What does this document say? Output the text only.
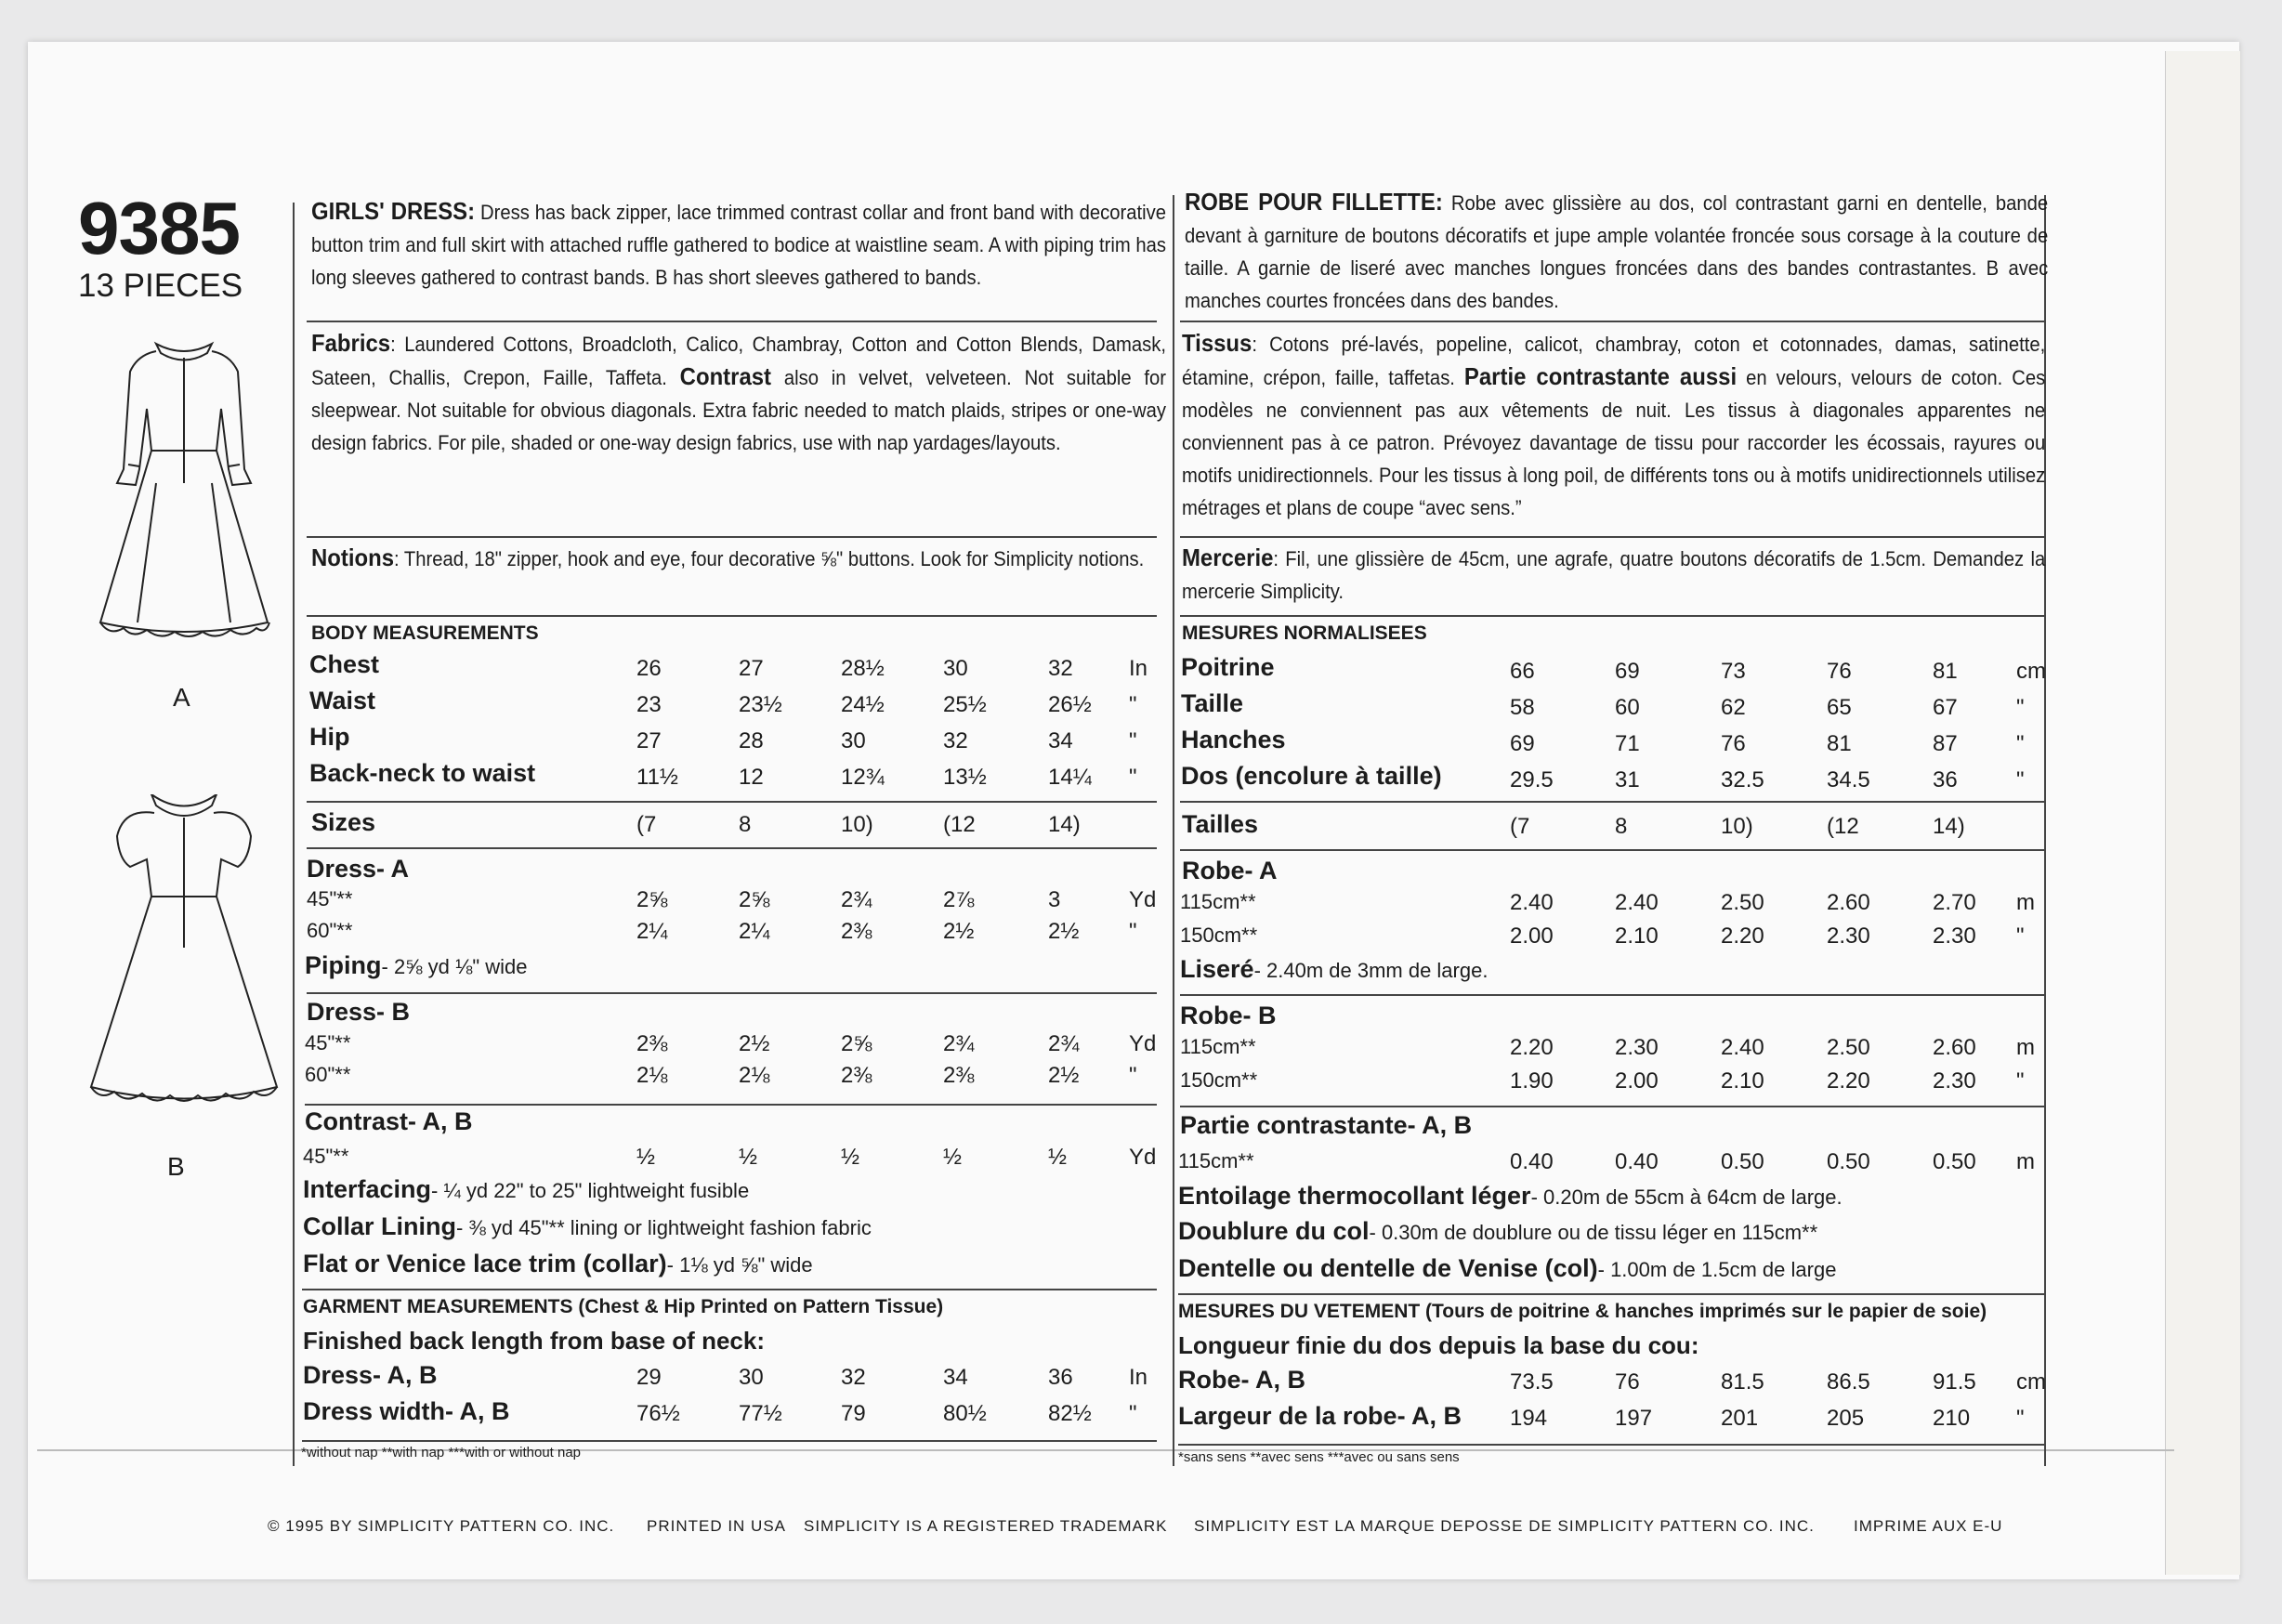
9385
13 PIECES
A
B
GIRLS' DRESS: Dress has back zipper, lace trimmed contrast collar and front band with decorative button trim and full skirt with attached ruffle gathered to bodice at waistline seam. A with piping trim has long sleeves gathered to contrast bands. B has short sleeves gathered to bands.
Fabrics: Laundered Cottons, Broadcloth, Calico, Chambray, Cotton and Cotton Blends, Damask, Sateen, Challis, Crepon, Faille, Taffeta. Contrast also in velvet, velveteen. Not suitable for sleepwear. Not suitable for obvious diagonals. Extra fabric needed to match plaids, stripes or one-way design fabrics. For pile, shaded or one-way design fabrics, use with nap yardages/layouts.
Notions: Thread, 18" zipper, hook and eye, four decorative ⅝" buttons. Look for Simplicity notions.
BODY MEASUREMENTS
Chest	26	27	28½	30	32	In
Waist	23	23½	24½	25½	26½ "
Hip	27	28	30	32	34	"
Back-neck to waist	11½	12	12¾	13½	14¼ "
Sizes	(7	8	10)	(12	14)
Dress- A
45"**	2⅝	2⅝	2¾	2⅞	3	Yd
60"**	2¼	2¼	2⅜	2½	2½ "
Piping- 2⅝ yd ⅛" wide
Dress- B
45"**	2⅜	2½	2⅝	2¾	2¾ Yd
60"**	2⅛	2⅛	2⅜	2⅜	2½ "
Contrast- A, B
45"**	½	½	½	½	½	Yd
Interfacing- ¼ yd 22" to 25" lightweight fusible
Collar Lining- ⅜ yd 45"** lining or lightweight fashion fabric
Flat or Venice lace trim (collar)- 1⅛ yd ⅝" wide
GARMENT MEASUREMENTS (Chest & Hip Printed on Pattern Tissue)
Finished back length from base of neck:
Dress- A, B	29	30	32	34	36	In
Dress width- A, B	76½	77½	79	80½	82½ "
*without nap **with nap ***with or without nap
ROBE POUR FILLETTE: Robe avec glissière au dos, col contrastant garni en dentelle, bande devant à garniture de boutons décoratifs et jupe ample volantée froncée sous corsage à la couture de taille. A garnie de liseré avec manches longues froncées dans des bandes contrastantes. B avec manches courtes froncées dans des bandes.
Tissus: Cotons pré-lavés, popeline, calicot, chambray, coton et cotonnades, damas, satinette, étamine, crépon, faille, taffetas. Partie contrastante aussi en velours, velours de coton. Ces modèles ne conviennent pas aux vêtements de nuit. Les tissus à diagonales apparentes ne conviennent pas à ce patron. Prévoyez davantage de tissu pour raccorder les écossais, rayures ou motifs unidirectionnels. Pour les tissus à long poil, de différents tons ou à motifs unidirectionnels utilisez métrages et plans de coupe “avec sens.”
Mercerie: Fil, une glissière de 45cm, une agrafe, quatre boutons décoratifs de 1.5cm. Demandez la mercerie Simplicity.
MESURES NORMALISEES
Poitrine	66	69	73	76	81	cm
Taille	58	60	62	65	67	"
Hanches	69	71	76	81	87	"
Dos (encolure à taille)	29.5	31	32.5	34.5	36	"
Tailles	(7	8	10)	(12	14)
Robe- A
115cm**	2.40	2.40	2.50	2.60	2.70 m
150cm**	2.00	2.10	2.20	2.30	2.30 "
Liseré- 2.40m de 3mm de large.
Robe- B
115cm**	2.20	2.30	2.40	2.50	2.60 m
150cm**	1.90	2.00	2.10	2.20	2.30 "
Partie contrastante- A, B
115cm**	0.40	0.40	0.50	0.50	0.50 m
Entoilage thermocollant léger- 0.20m de 55cm à 64cm de large.
Doublure du col- 0.30m de doublure ou de tissu léger en 115cm**
Dentelle ou dentelle de Venise (col)- 1.00m de 1.5cm de large
MESURES DU VETEMENT (Tours de poitrine & hanches imprimés sur le papier de soie)
Longueur finie du dos depuis la base du cou:
Robe- A, B	73.5	76	81.5	86.5	91.5 cm
Largeur de la robe- A, B 194	197	201	205	210 "
*sans sens **avec sens ***avec ou sans sens
© 1995 BY SIMPLICITY PATTERN CO. INC. PRINTED IN USA SIMPLICITY IS A REGISTERED TRADEMARK SIMPLICITY EST LA MARQUE DEPOSSE DE SIMPLICITY PATTERN CO. INC. IMPRIME AUX E-U
